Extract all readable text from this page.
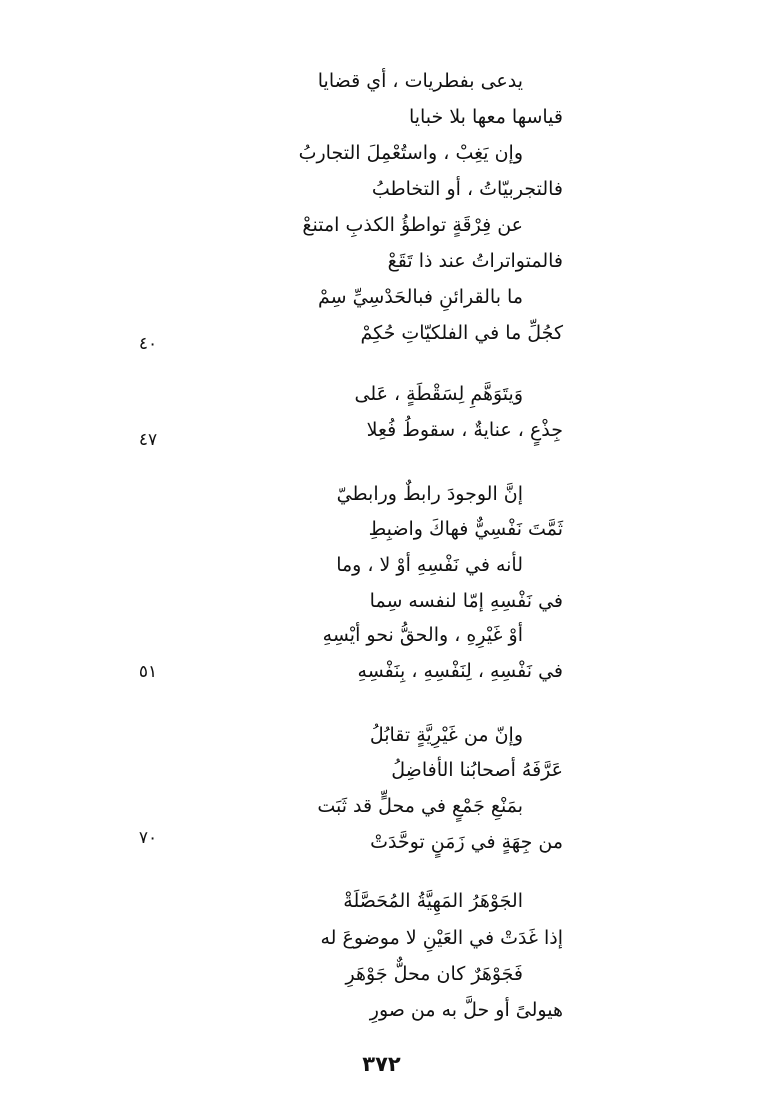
يدعى بفطريات ، أي قضايا
قياسها معها بلا خبايا
وإن يَغِبْ ، واستُعْمِلَ التجاربُ
فالتجربيّاتُ ، أو التخاطبُ
عن فِرْقَةٍ تواطؤُ الكذبِ امتنعْ
فالمتواتراتُ عند ذا تَقَعْ
ما بالقرائنِ فبالحَدْسِيِّ سِمْ
كجُلِّ ما في الفلكيّاتِ حُكِمْ
٤٠
وَيتَوَهَّمِ لِسَقْطَةٍ ، عَلى
جِذْعٍ ، عنايةٌ ، سقوطُ فُعِلا
٤٧
إنَّ الوجودَ رابطٌ ورابطيّ
ثَمَّتَ نَفْسِيٌّ فهاكَ واضبِطِ
لأنه في نَفْسِهِ أوْ لا ، وما
في نَفْسِهِ إمّا لنفسه سِما
أوْ غَيْرِهِ ، والحقُّ نحو أيْسِهِ
في نَفْسِهِ ، لِنَفْسِهِ ، بِنَفْسِهِ
٥١
وإنّ من غَيْرِيَّةٍ تقابُلُ
عَرَّفَهُ أصحابُنا الأفاضِلُ
بمَنْعِ جَمْعٍ في محلٍّ قد ثَبَت
من جِهَةٍ في زَمَنٍ توحَّدَتْ
٧٠
الجَوْهَرُ المَهِيَّةُ المُحَصَّلَةْ
إذا غَدَتْ في العَيْنِ لا موضوعَ له
فَجَوْهَرٌ كان محلٌّ جَوْهَرِ
هيولىً أو حلَّ به من صورِ
٣٧٢
